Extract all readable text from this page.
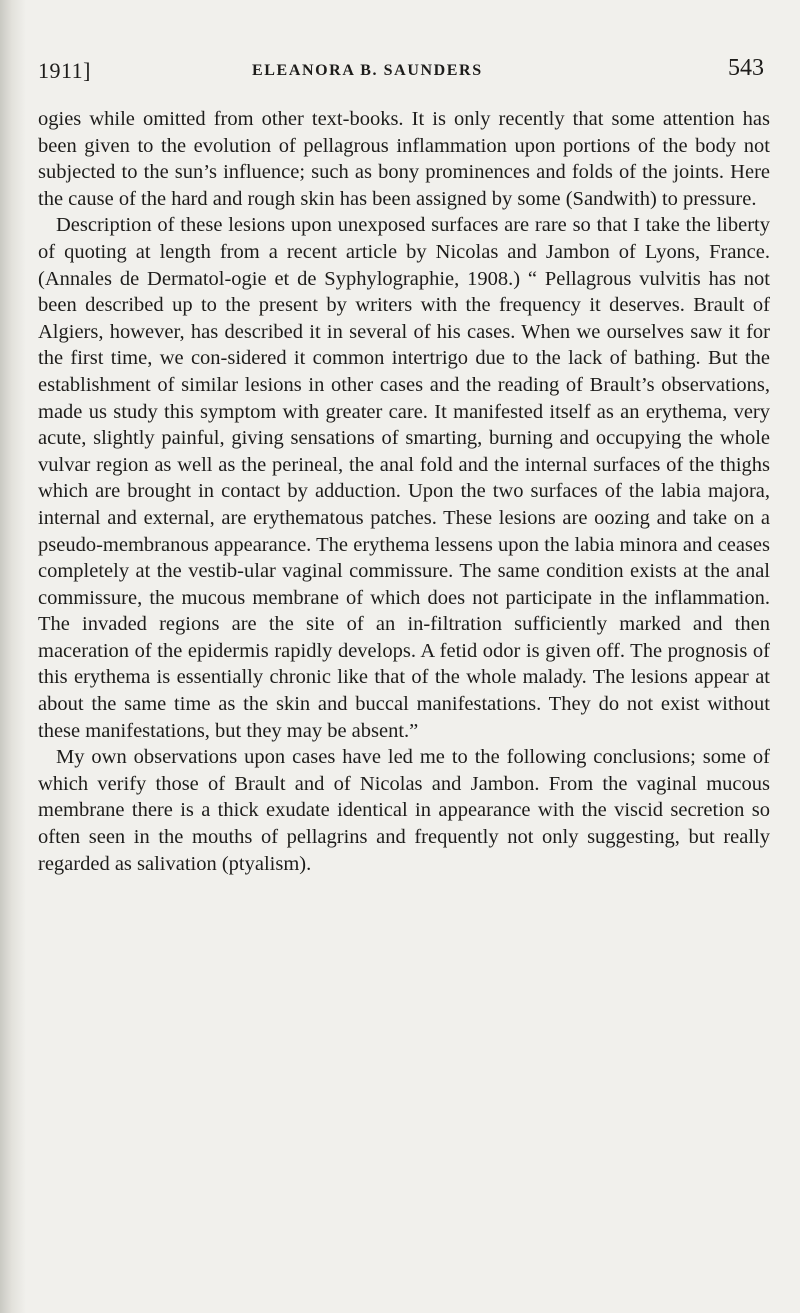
1911]	ELEANORA B. SAUNDERS	543

ogies while omitted from other text-books. It is only recently that some attention has been given to the evolution of pellagrous inflammation upon portions of the body not subjected to the sun’s influence; such as bony prominences and folds of the joints. Here the cause of the hard and rough skin has been assigned by some (Sandwith) to pressure.

Description of these lesions upon unexposed surfaces are rare so that I take the liberty of quoting at length from a recent article by Nicolas and Jambon of Lyons, France. (Annales de Dermatol-ogie et de Syphylographie, 1908.) “ Pellagrous vulvitis has not been described up to the present by writers with the frequency it deserves. Brault of Algiers, however, has described it in several of his cases. When we ourselves saw it for the first time, we con-sidered it common intertrigo due to the lack of bathing. But the establishment of similar lesions in other cases and the reading of Brault’s observations, made us study this symptom with greater care. It manifested itself as an erythema, very acute, slightly painful, giving sensations of smarting, burning and occupying the whole vulvar region as well as the perineal, the anal fold and the internal surfaces of the thighs which are brought in contact by adduction. Upon the two surfaces of the labia majora, internal and external, are erythematous patches. These lesions are oozing and take on a pseudo-membranous appearance. The erythema lessens upon the labia minora and ceases completely at the vestib-ular vaginal commissure. The same condition exists at the anal commissure, the mucous membrane of which does not participate in the inflammation. The invaded regions are the site of an in-filtration sufficiently marked and then maceration of the epidermis rapidly develops. A fetid odor is given off. The prognosis of this erythema is essentially chronic like that of the whole malady. The lesions appear at about the same time as the skin and buccal manifestations. They do not exist without these manifestations, but they may be absent.”

My own observations upon cases have led me to the following conclusions; some of which verify those of Brault and of Nicolas and Jambon. From the vaginal mucous membrane there is a thick exudate identical in appearance with the viscid secretion so often seen in the mouths of pellagrins and frequently not only suggesting, but really regarded as salivation (ptyalism).
